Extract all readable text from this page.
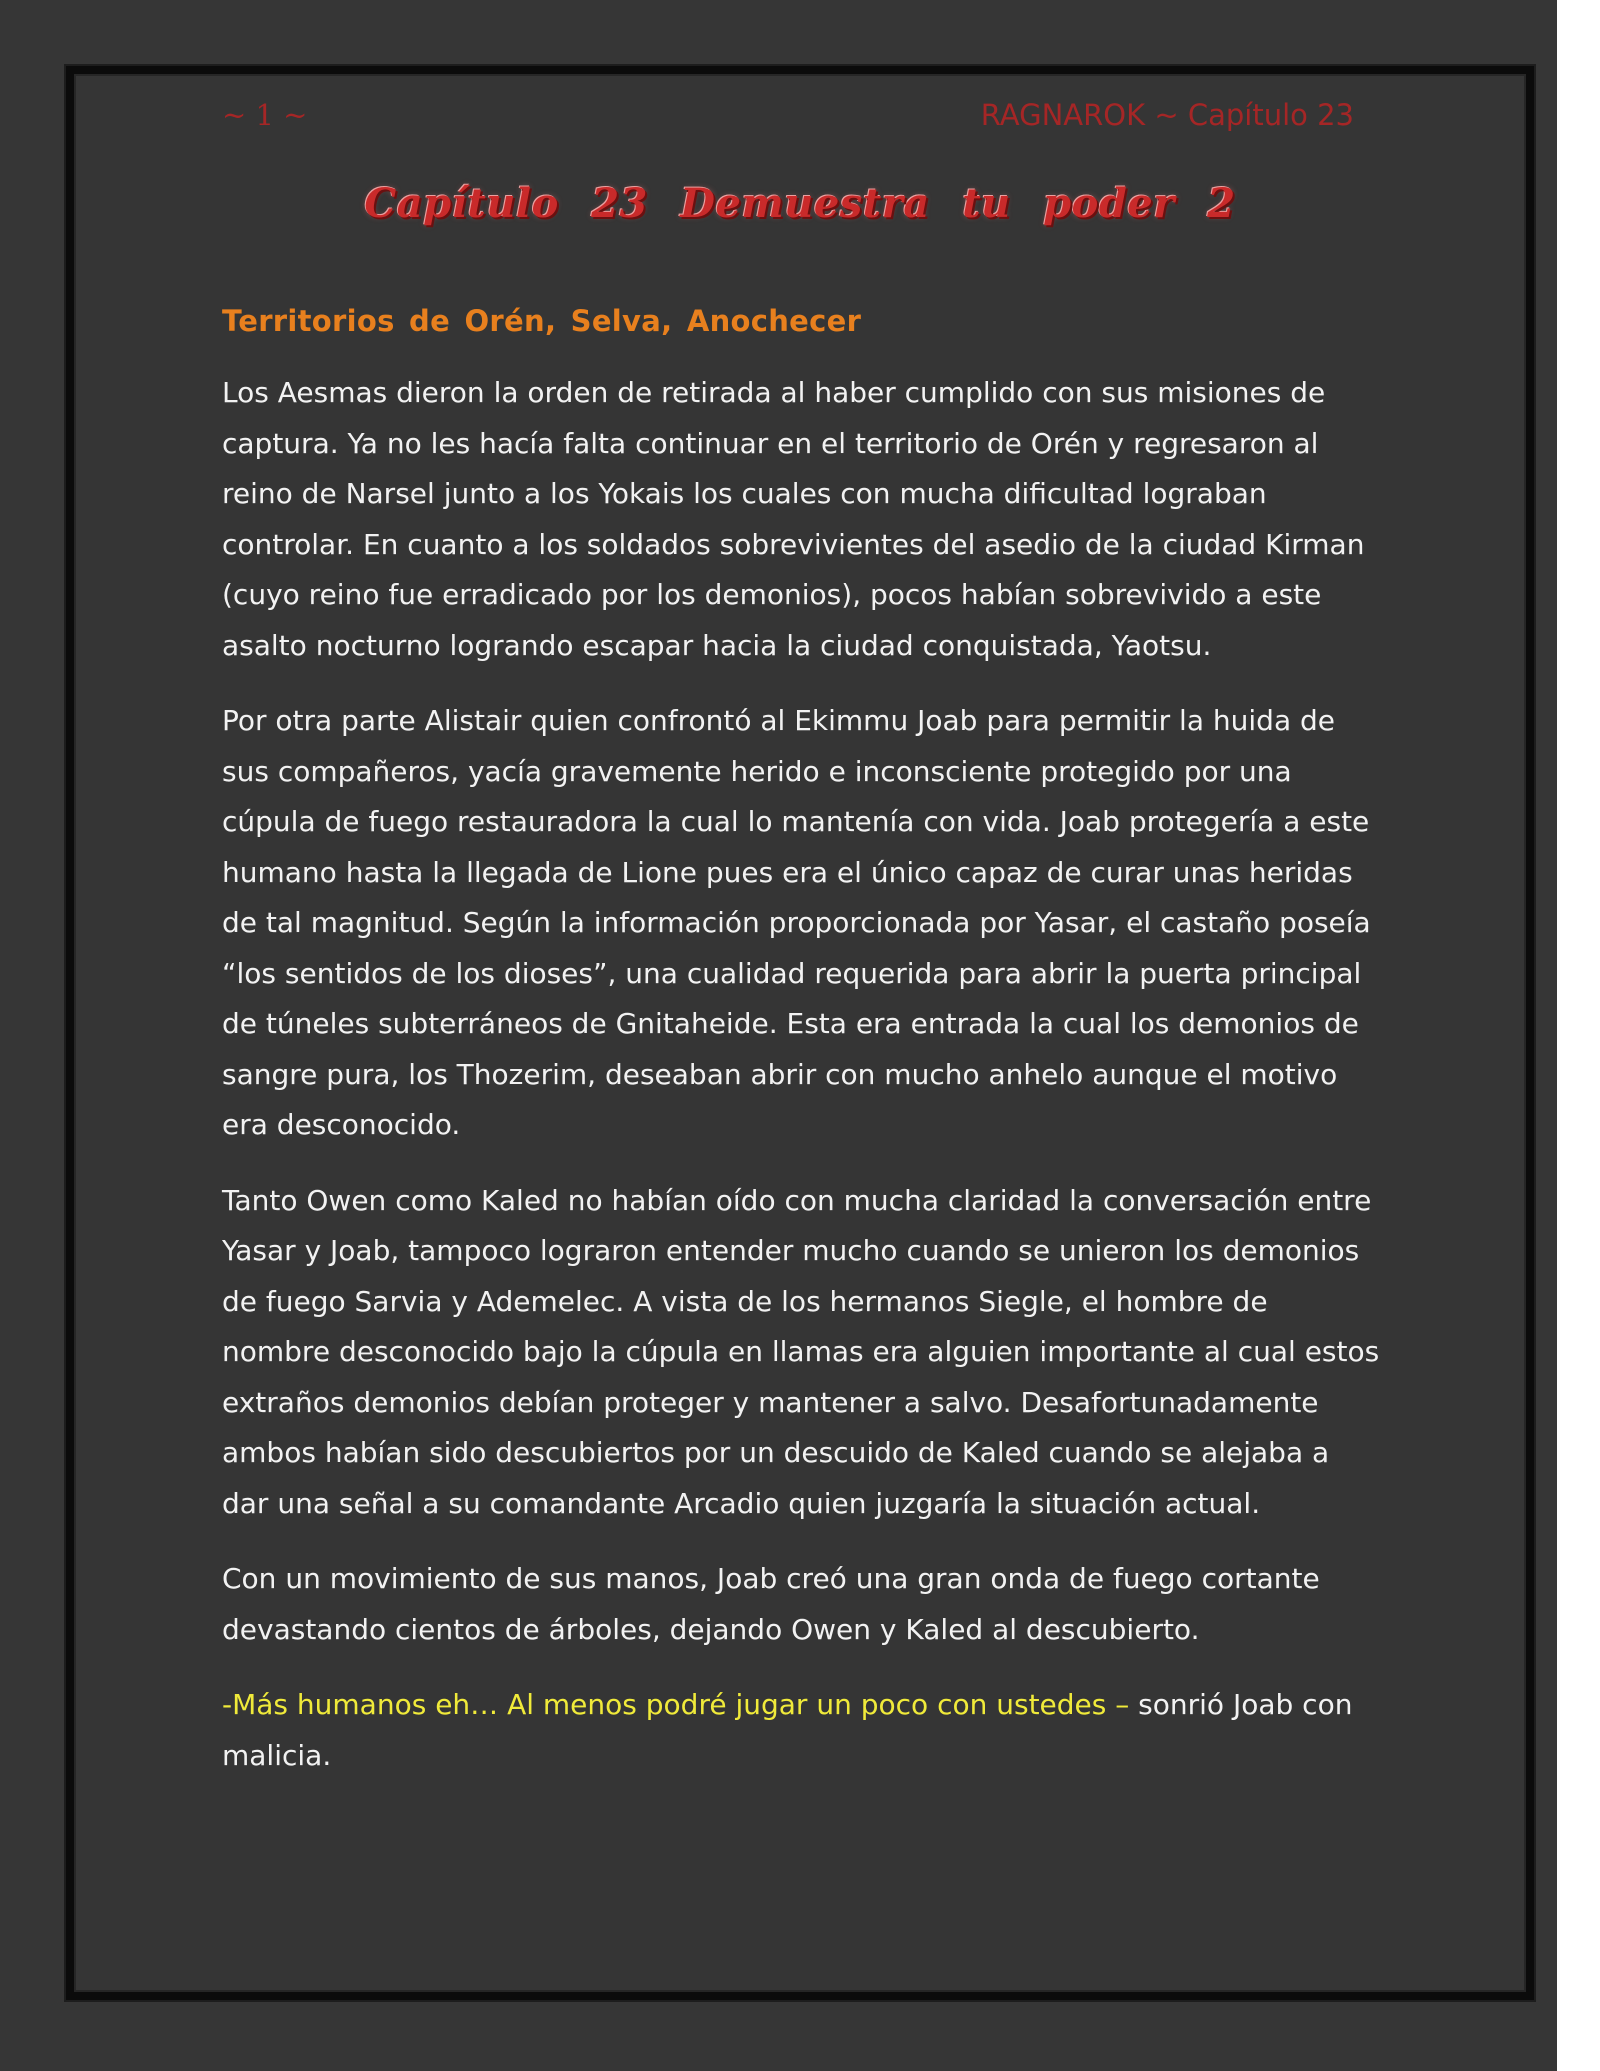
~ 1 ~	RAGNAROK ~ Capítulo 23
Capítulo 23 Demuestra tu poder 2

Territorios de Orén, Selva, Anochecer

Los Aesmas dieron la orden de retirada al haber cumplido con sus misiones de captura. Ya no les hacía falta continuar en el territorio de Orén y regresaron al reino de Narsel junto a los Yokais los cuales con mucha dificultad lograban controlar. En cuanto a los soldados sobrevivientes del asedio de la ciudad Kirman (cuyo reino fue erradicado por los demonios), pocos habían sobrevivido a este asalto nocturno logrando escapar hacia la ciudad conquistada, Yaotsu.

Por otra parte Alistair quien confrontó al Ekimmu Joab para permitir la huida de sus compañeros, yacía gravemente herido e inconsciente protegido por una cúpula de fuego restauradora la cual lo mantenía con vida. Joab protegería a este humano hasta la llegada de Lione pues era el único capaz de curar unas heridas de tal magnitud. Según la información proporcionada por Yasar, el castaño poseía “los sentidos de los dioses”, una cualidad requerida para abrir la puerta principal de túneles subterráneos de Gnitaheide. Esta era entrada la cual los demonios de sangre pura, los Thozerim, deseaban abrir con mucho anhelo aunque el motivo era desconocido.

Tanto Owen como Kaled no habían oído con mucha claridad la conversación entre Yasar y Joab, tampoco lograron entender mucho cuando se unieron los demonios de fuego Sarvia y Ademelec. A vista de los hermanos Siegle, el hombre de nombre desconocido bajo la cúpula en llamas era alguien importante al cual estos extraños demonios debían proteger y mantener a salvo. Desafortunadamente ambos habían sido descubiertos por un descuido de Kaled cuando se alejaba a dar una señal a su comandante Arcadio quien juzgaría la situación actual.

Con un movimiento de sus manos, Joab creó una gran onda de fuego cortante devastando cientos de árboles, dejando Owen y Kaled al descubierto.

-Más humanos eh… Al menos podré jugar un poco con ustedes – sonrió Joab con malicia.
